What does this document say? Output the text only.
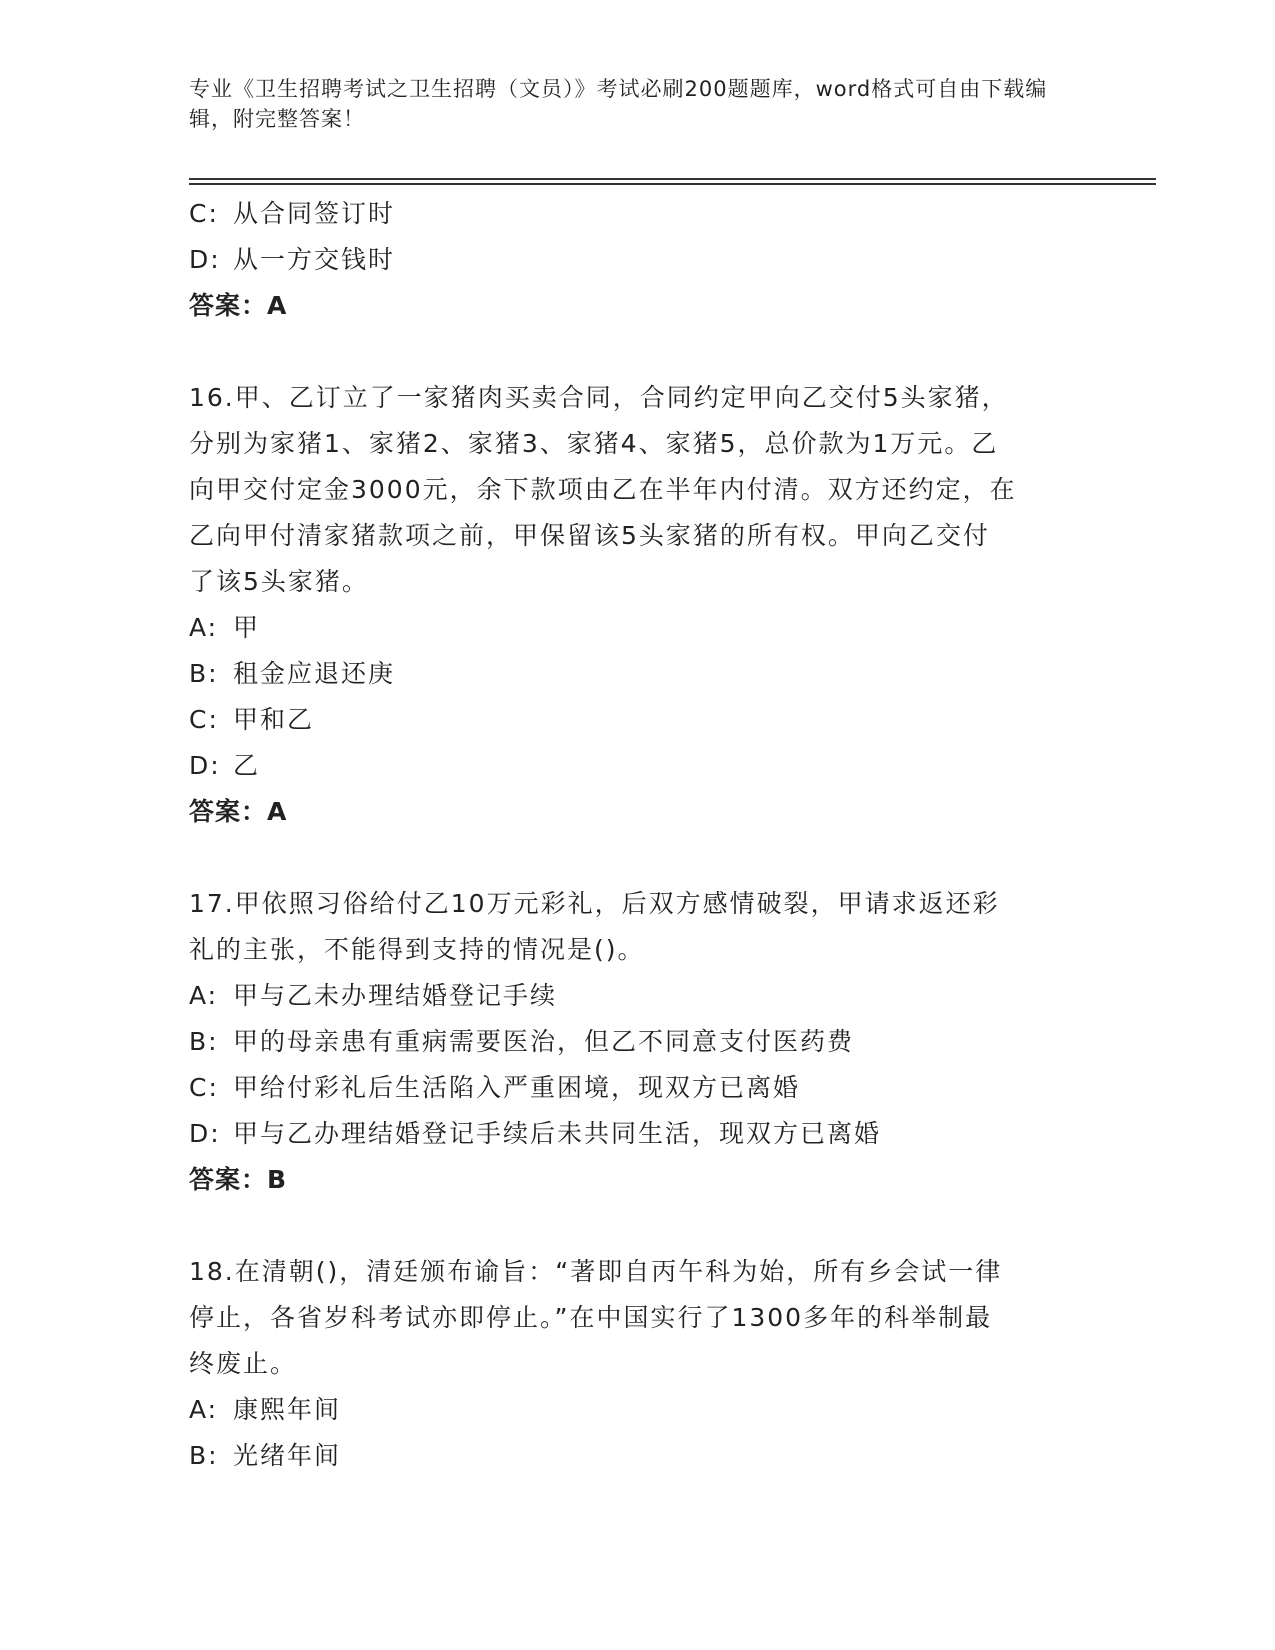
专业《卫生招聘考试之卫生招聘（文员）》考试必刷200题题库，word格式可自由下载编辑，附完整答案！
C: 从合同签订时
D: 从一方交钱时
答案：A
16.甲、乙订立了一家猪肉买卖合同，合同约定甲向乙交付5头家猪，
分别为家猪1、家猪2、家猪3、家猪4、家猪5，总价款为1万元。乙
向甲交付定金3000元，余下款项由乙在半年内付清。双方还约定，在
乙向甲付清家猪款项之前，甲保留该5头家猪的所有权。甲向乙交付
了该5头家猪。
A: 甲
B: 租金应退还庚
C: 甲和乙
D: 乙
答案：A
17.甲依照习俗给付乙10万元彩礼，后双方感情破裂，甲请求返还彩
礼的主张，不能得到支持的情况是()。
A: 甲与乙未办理结婚登记手续
B: 甲的母亲患有重病需要医治，但乙不同意支付医药费
C: 甲给付彩礼后生活陷入严重困境，现双方已离婚
D: 甲与乙办理结婚登记手续后未共同生活，现双方已离婚
答案：B
18.在清朝()，清廷颁布谕旨：“著即自丙午科为始，所有乡会试一律
停止，各省岁科考试亦即停止。”在中国实行了1300多年的科举制最
终废止。
A: 康熙年间
B: 光绪年间
